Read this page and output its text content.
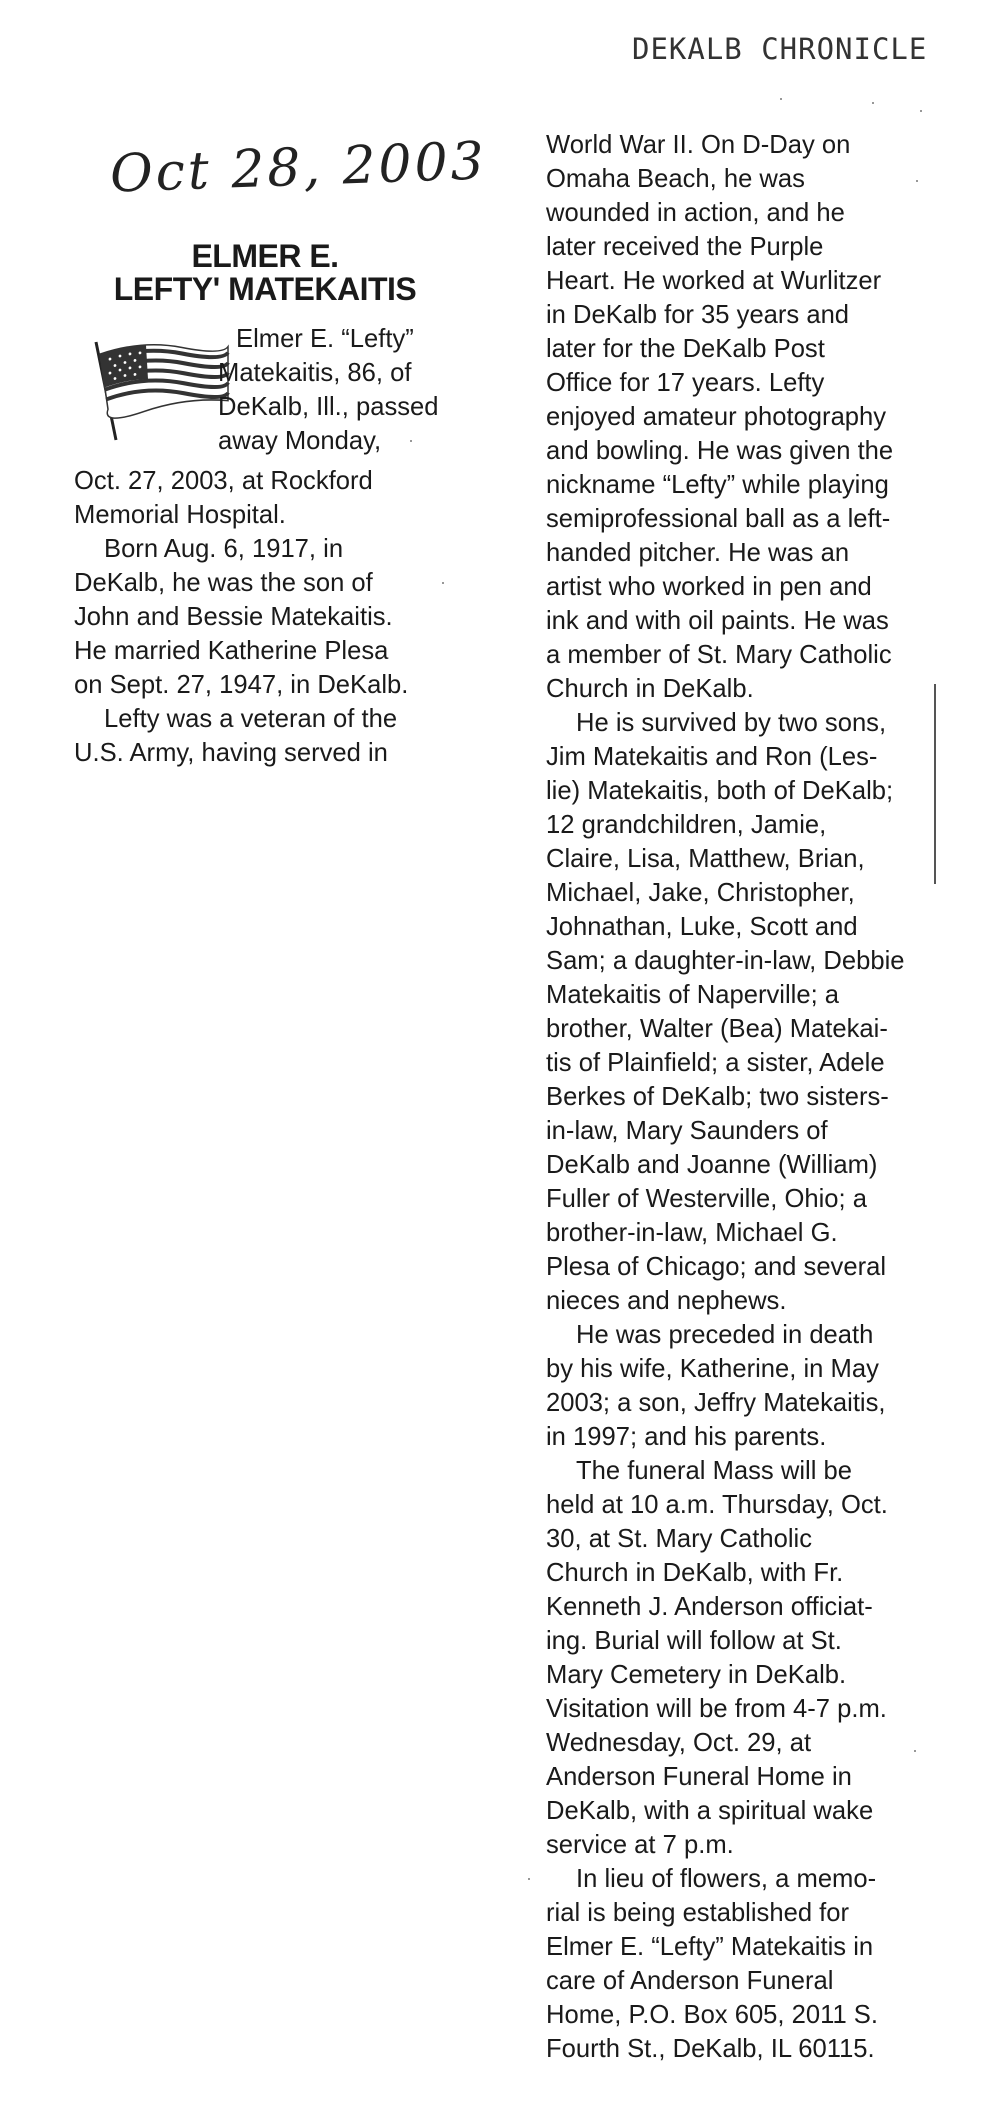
DEKALB CHRONICLE
Oct 28, 2003
ELMER E.
LEFTY' MATEKAITIS
Elmer E. “Lefty”
Matekaitis, 86, of
DeKalb, Ill., passed
away Monday,
Oct. 27, 2003, at Rockford
Memorial Hospital.
Born Aug. 6, 1917, in
DeKalb, he was the son of
John and Bessie Matekaitis.
He married Katherine Plesa
on Sept. 27, 1947, in DeKalb.
Lefty was a veteran of the
U.S. Army, having served in
World War II. On D-Day on
Omaha Beach, he was
wounded in action, and he
later received the Purple
Heart. He worked at Wurlitzer
in DeKalb for 35 years and
later for the DeKalb Post
Office for 17 years. Lefty
enjoyed amateur photography
and bowling. He was given the
nickname “Lefty” while playing
semiprofessional ball as a left-
handed pitcher. He was an
artist who worked in pen and
ink and with oil paints. He was
a member of St. Mary Catholic
Church in DeKalb.
He is survived by two sons,
Jim Matekaitis and Ron (Les-
lie) Matekaitis, both of DeKalb;
12 grandchildren, Jamie,
Claire, Lisa, Matthew, Brian,
Michael, Jake, Christopher,
Johnathan, Luke, Scott and
Sam; a daughter-in-law, Debbie
Matekaitis of Naperville; a
brother, Walter (Bea) Matekai-
tis of Plainfield; a sister, Adele
Berkes of DeKalb; two sisters-
in-law, Mary Saunders of
DeKalb and Joanne (William)
Fuller of Westerville, Ohio; a
brother-in-law, Michael G.
Plesa of Chicago; and several
nieces and nephews.
He was preceded in death
by his wife, Katherine, in May
2003; a son, Jeffry Matekaitis,
in 1997; and his parents.
The funeral Mass will be
held at 10 a.m. Thursday, Oct.
30, at St. Mary Catholic
Church in DeKalb, with Fr.
Kenneth J. Anderson officiat-
ing. Burial will follow at St.
Mary Cemetery in DeKalb.
Visitation will be from 4-7 p.m.
Wednesday, Oct. 29, at
Anderson Funeral Home in
DeKalb, with a spiritual wake
service at 7 p.m.
In lieu of flowers, a memo-
rial is being established for
Elmer E. “Lefty” Matekaitis in
care of Anderson Funeral
Home, P.O. Box 605, 2011 S.
Fourth St., DeKalb, IL 60115.
